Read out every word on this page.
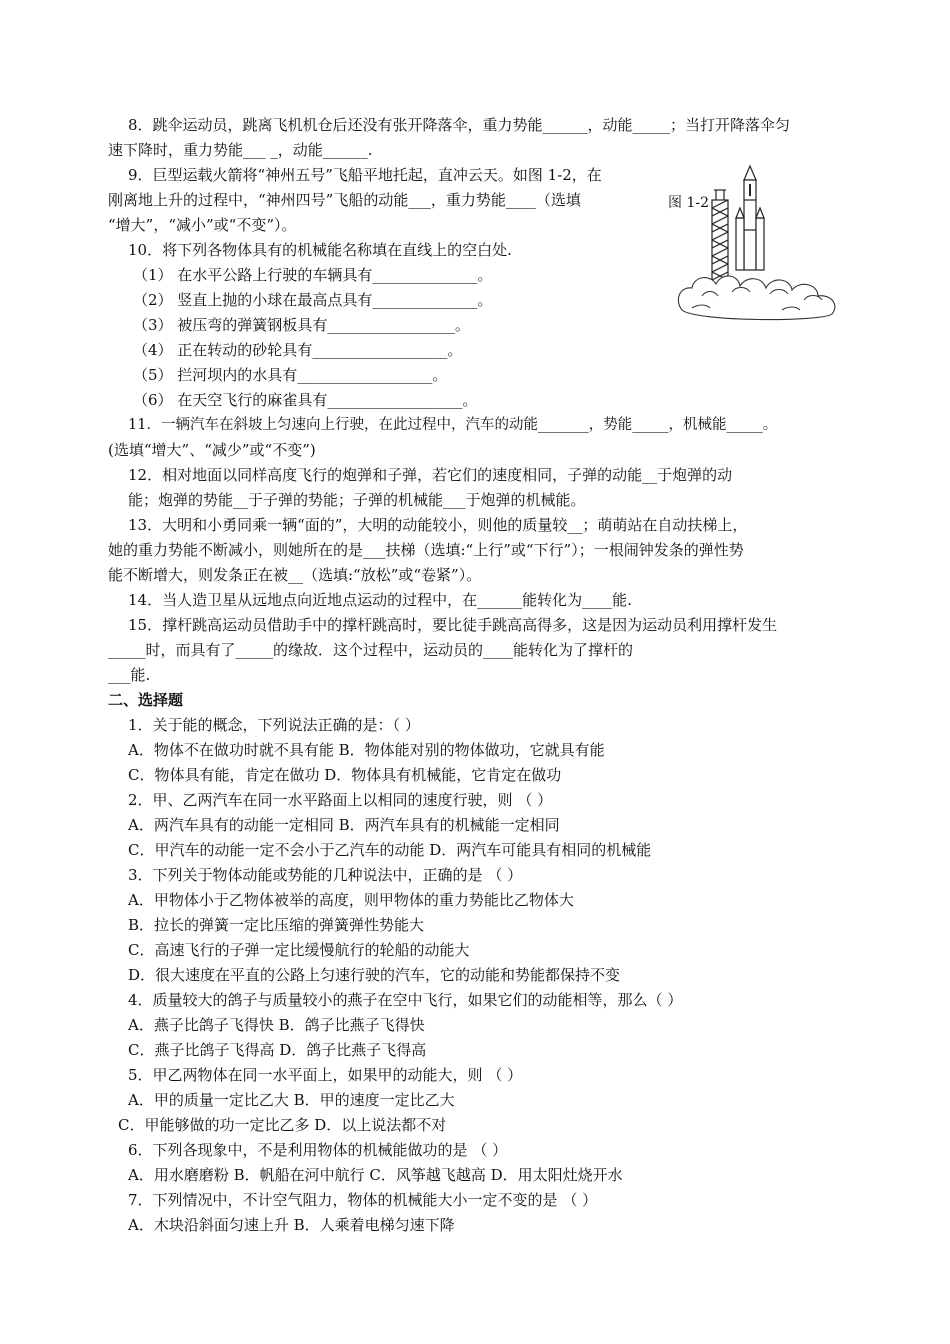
8．跳伞运动员，跳离飞机机仓后还没有张开降落伞，重力势能______，动能_____；当打开降落伞匀
速下降时，重力势能___ _，动能______.
9．巨型运载火箭将“神州五号”飞船平地托起，直冲云天。如图 1-2，在
刚离地上升的过程中，“神州四号”飞船的动能___，重力势能____（选填
“增大”，“减小”或“不变”）。
图 1-2
10．将下列各物体具有的机械能名称填在直线上的空白处.
（1） 在水平公路上行驶的车辆具有______________。
（2） 竖直上抛的小球在最高点具有______________。
（3） 被压弯的弹簧钢板具有_________________。
（4） 正在转动的砂轮具有__________________。
（5） 拦河坝内的水具有__________________。
（6） 在天空飞行的麻雀具有__________________。
11．一辆汽车在斜坡上匀速向上行驶，在此过程中，汽车的动能_______，势能_____，机械能_____。
(选填“增大”、“减少”或“不变”)
12．相对地面以同样高度飞行的炮弹和子弹，若它们的速度相同，子弹的动能__于炮弹的动
能；炮弹的势能__于子弹的势能；子弹的机械能___于炮弹的机械能。
13．大明和小勇同乘一辆“面的”，大明的动能较小，则他的质量较__；萌萌站在自动扶梯上，
她的重力势能不断减小，则她所在的是___扶梯（选填:“上行”或“下行”）；一根闹钟发条的弹性势
能不断增大，则发条正在被__（选填:“放松”或“卷紧”）。
14．当人造卫星从远地点向近地点运动的过程中，在______能转化为____能.
15．撑杆跳高运动员借助手中的撑杆跳高时，要比徒手跳高高得多，这是因为运动员利用撑杆发生
_____时，而具有了_____的缘故．这个过程中，运动员的____能转化为了撑杆的
___能.
二、选择题
1．关于能的概念，下列说法正确的是：（ ）
A．物体不在做功时就不具有能 B．物体能对别的物体做功，它就具有能
C．物体具有能，肯定在做功 D．物体具有机械能，它肯定在做功
2．甲、乙两汽车在同一水平路面上以相同的速度行驶，则 （ ）
A．两汽车具有的动能一定相同 B．两汽车具有的机械能一定相同
C．甲汽车的动能一定不会小于乙汽车的动能 D．两汽车可能具有相同的机械能
3．下列关于物体动能或势能的几种说法中，正确的是 （ ）
A．甲物体小于乙物体被举的高度，则甲物体的重力势能比乙物体大
B．拉长的弹簧一定比压缩的弹簧弹性势能大
C．高速飞行的子弹一定比缓慢航行的轮船的动能大
D．很大速度在平直的公路上匀速行驶的汽车，它的动能和势能都保持不变
4．质量较大的鸽子与质量较小的燕子在空中飞行，如果它们的动能相等，那么（ ）
A．燕子比鸽子飞得快 B．鸽子比燕子飞得快
C．燕子比鸽子飞得高 D．鸽子比燕子飞得高
5．甲乙两物体在同一水平面上，如果甲的动能大，则 （ ）
A．甲的质量一定比乙大 B．甲的速度一定比乙大
C．甲能够做的功一定比乙多 D．以上说法都不对
6．下列各现象中，不是利用物体的机械能做功的是 （ ）
A．用水磨磨粉 B．帆船在河中航行 C．风筝越飞越高 D．用太阳灶烧开水
7．下列情况中，不计空气阻力，物体的机械能大小一定不变的是 （ ）
A．木块沿斜面匀速上升 B．人乘着电梯匀速下降
